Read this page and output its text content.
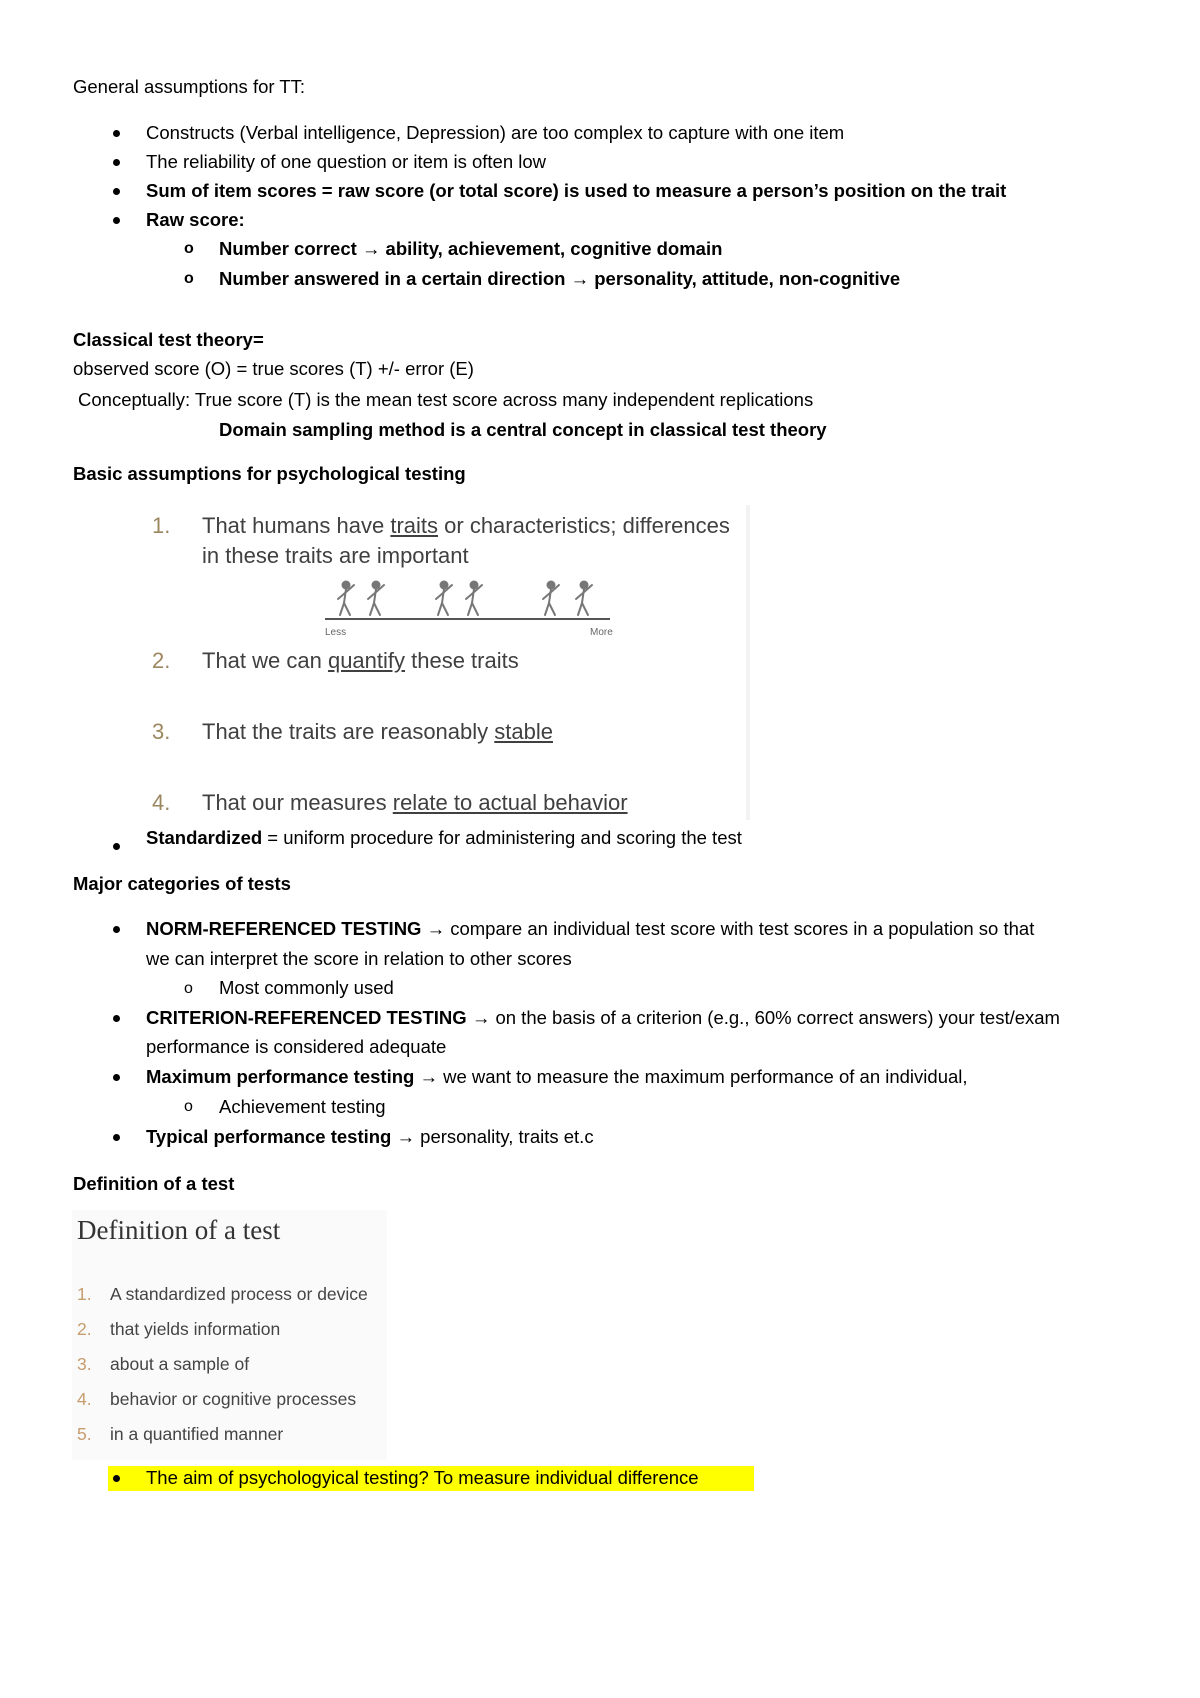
General assumptions for TT:
Constructs (Verbal intelligence, Depression) are too complex to capture with one item
The reliability of one question or item is often low
Sum of item scores = raw score (or total score) is used to measure a person’s position on the trait
Raw score:
o Number correct → ability, achievement, cognitive domain
o Number answered in a certain direction → personality, attitude, non-cognitive
Classical test theory=
observed score (O) = true scores (T) +/- error (E)
Conceptually: True score (T) is the mean test score across many independent replications
Domain sampling method is a central concept in classical test theory
Basic assumptions for psychological testing
1. That humans have traits or characteristics; differences
in these traits are important
Less	More
2. That we can quantify these traits
3. That the traits are reasonably stable
4. That our measures relate to actual behavior
Standardized = uniform procedure for administering and scoring the test
Major categories of tests
NORM-REFERENCED TESTING → compare an individual test score with test scores in a population so that
we can interpret the score in relation to other scores
o Most commonly used
CRITERION-REFERENCED TESTING → on the basis of a criterion (e.g., 60% correct answers) your test/exam
performance is considered adequate
Maximum performance testing → we want to measure the maximum performance of an individual,
o Achievement testing
Typical performance testing → personality, traits et.c
Definition of a test
Definition of a test
1. A standardized process or device
2. that yields information
3. about a sample of
4. behavior or cognitive processes
5. in a quantified manner
The aim of psychologyical testing? To measure individual difference
